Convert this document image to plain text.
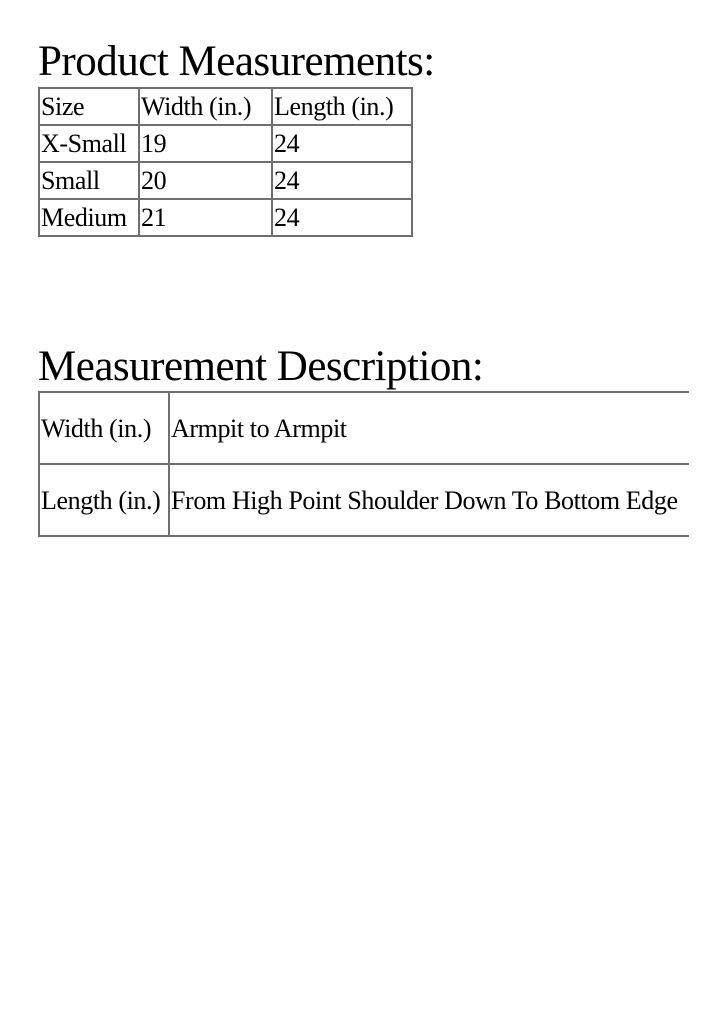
Product Measurements:
Size	Width (in.)	Length (in.)
X-Small	19	24
Small	20	24
Medium	21	24
Measurement Description:
Width (in.)	Armpit to Armpit
Length (in.)	From High Point Shoulder Down To Bottom Edge
